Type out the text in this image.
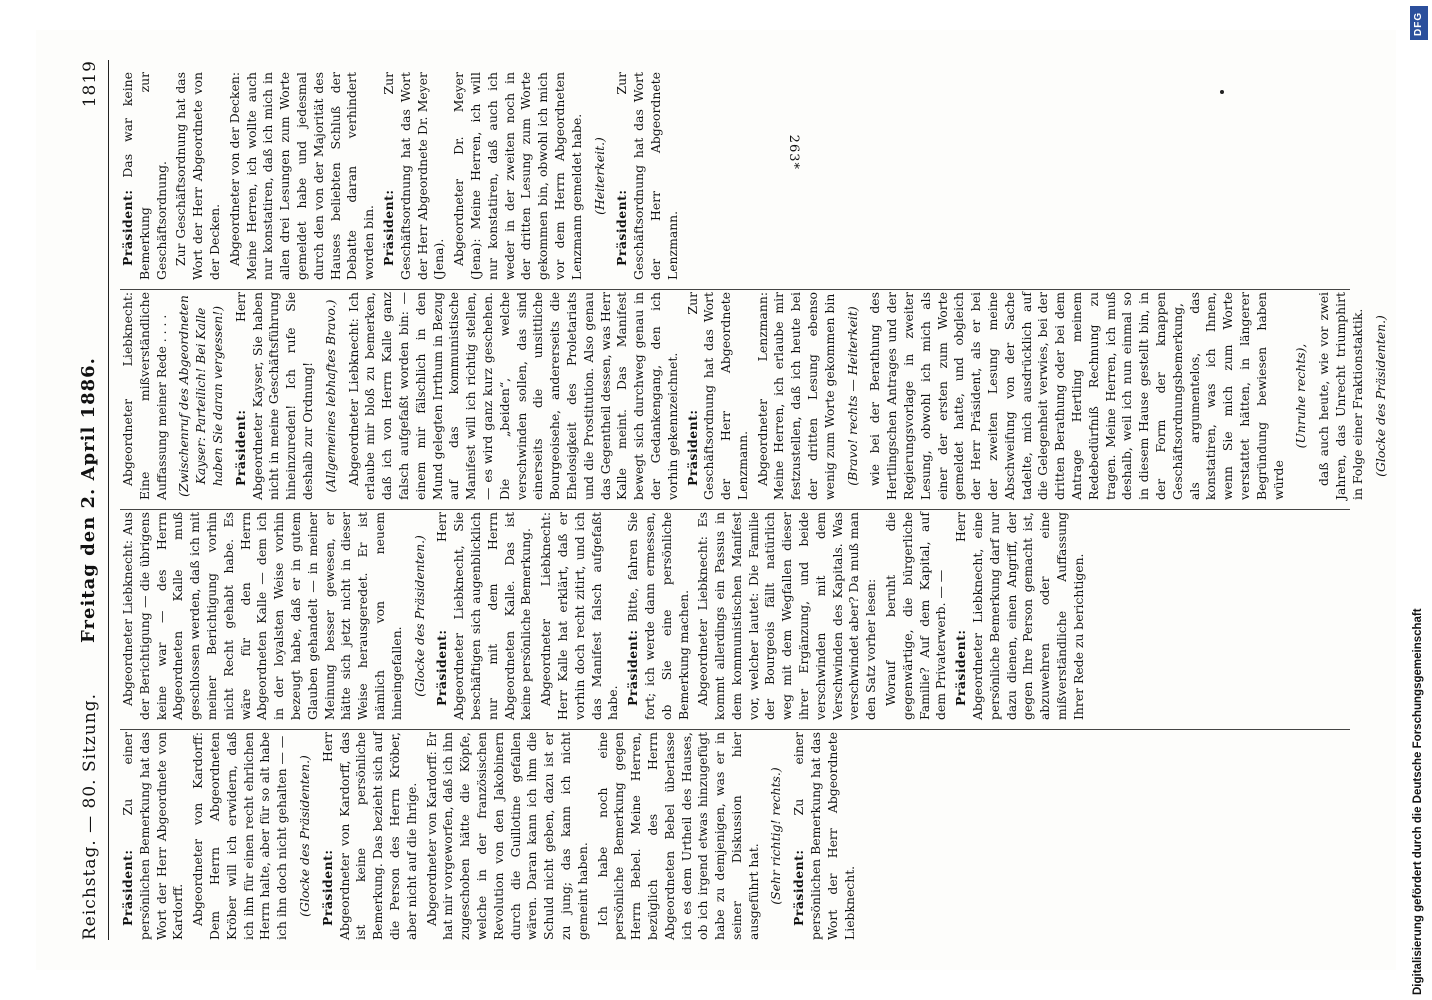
Reichstag. — 80. Sitzung.
Freitag den 2. April 1886.
1819
Präsident: Zu einer persönlichen Bemerkung hat das Wort der Herr Abgeordnete von Kardorff. Abgeordneter von Kardorff: Dem Herrn Abgeordneten Kröber will ich erwidern, daß ich ihn für einen recht ehrlichen Herrn halte, aber für so alt habe ich ihn doch nicht gehalten — — (Glocke des Präsidenten.) Präsident: Herr Abgeordneter von Kardorff, das ist keine persönliche Bemerkung. Das bezieht sich auf die Person des Herrn Kröber, aber nicht auf die Ihrige. Abgeordneter von Kardorff: Er hat mir vorgeworfen, daß ich ihn zugeschoben hätte die Köpfe, welche in der französischen Revolution von den Jakobinern durch die Guillotine gefallen wären. Daran kann ich ihm die Schuld nicht geben, dazu ist er zu jung; das kann ich nicht gemeint haben. Ich habe noch eine persönliche Bemerkung gegen Herrn Bebel. Meine Herren, bezüglich des Herrn Abgeordneten Bebel überlasse ich es dem Urtheil des Hauses, ob ich irgend etwas hinzugefügt habe zu demjenigen, was er in seiner Diskussion hier ausgeführt hat. (Sehr richtig! rechts.) Präsident: Zu einer persönlichen Bemerkung hat das Wort der Herr Abgeordnete Liebknecht.
Abgeordneter Liebknecht: Aus der Berichtigung — die übrigens keine war — des Herrn Abgeordneten Kalle muß geschlossen werden, daß ich mit meiner Berichtigung vorhin nicht Recht gehabt habe. Es wäre für den Herrn Abgeordneten Kalle — dem ich in der loyalsten Weise vorhin bezeugt habe, daß er in gutem Glauben gehandelt — in meiner Meinung besser gewesen, er hätte sich jetzt nicht in dieser Weise herausgeredet. Er ist nämlich von neuem hineingefallen. (Glocke des Präsidenten.) Präsident: Herr Abgeordneter Liebknecht, Sie beschäftigen sich augenblicklich nur mit dem Herrn Abgeordneten Kalle. Das ist keine persönliche Bemerkung. Abgeordneter Liebknecht: Herr Kalle hat erklärt, daß er vorhin doch recht zitirt, und ich das Manifest falsch aufgefaßt habe. Präsident: Bitte, fahren Sie fort; ich werde dann ermessen, ob Sie eine persönliche Bemerkung machen. Abgeordneter Liebknecht: Es kommt allerdings ein Passus in dem kommunistischen Manifest vor, welcher lautet: Die Familie der Bourgeois fällt natürlich weg mit dem Wegfallen dieser ihrer Ergänzung, und beide verschwinden mit dem Verschwinden des Kapitals. Was verschwindet aber? Da muß man den Satz vorher lesen: Worauf beruht die gegenwärtige, die bürgerliche Familie? Auf dem Kapital, auf dem Privaterwerb. — — Präsident: Herr Abgeordneter Liebknecht, eine persönliche Bemerkung darf nur dazu dienen, einen Angriff, der gegen Ihre Person gemacht ist, abzuwehren oder eine mißverständliche Auffassung Ihrer Rede zu berichtigen.
Abgeordneter Liebknecht: Eine mißverständliche Auffassung meiner Rede . . . . (Zwischenruf des Abgeordneten Kayser: Parteilich! Bei Kalle haben Sie daran vergessen!) Präsident: Herr Abgeordneter Kayser, Sie haben nicht in meine Geschäftsführung hineinzureden! Ich rufe Sie deshalb zur Ordnung! (Allgemeines lebhaftes Bravo.) Abgeordneter Liebknecht: Ich erlaube mir bloß zu bemerken, daß ich von Herrn Kalle ganz falsch aufgefaßt worden bin: — einem mir fälschlich in den Mund gelegten Irrthum in Bezug auf das kommunistische Manifest will ich richtig stellen, — es wird ganz kurz geschehen. Die „beiden“, welche verschwinden sollen, das sind einerseits die unsittliche Bourgeoisehe, andererseits die Ehelosigkeit des Proletariats und die Prostitution. Also genau das Gegentheil dessen, was Herr Kalle meint. Das Manifest bewegt sich durchweg genau in der Gedankengang, den ich vorhin gekennzeichnet. Präsident: Zur Geschäftsordnung hat das Wort der Herr Abgeordnete Lenzmann. Abgeordneter Lenzmann: Meine Herren, ich erlaube mir festzustellen, daß ich heute bei der dritten Lesung ebenso wenig zum Worte gekommen bin (Bravo! rechts — Heiterkeit) wie bei der Berathung des Hertlingschen Antrages und der Regierungsvorlage in zweiter Lesung, obwohl ich mich als einer der ersten zum Worte gemeldet hatte, und obgleich der Herr Präsident, als er bei der zweiten Lesung meine Abschweifung von der Sache tadelte, mich ausdrücklich auf die Gelegenheit verwies, bei der dritten Berathung oder bei dem Antrage Hertling meinem Redebedürfniß Rechnung zu tragen. Meine Herren, ich muß deshalb, weil ich nun einmal so in diesem Hause gestellt bin, in der Form der knappen Geschäftsordnungsbemerkung, als argumentelos, das konstatiren, was ich Ihnen, wenn Sie mich zum Worte verstattet hätten, in längerer Begründung bewiesen haben würde
(Unruhe rechts), daß auch heute, wie vor zwei Jahren, das Unrecht triumphirt in Folge einer Fraktionstaktik. (Glocke des Präsidenten.)
Präsident: Das war keine Bemerkung zur Geschäftsordnung. Zur Geschäftsordnung hat das Wort der Herr Abgeordnete von der Decken. Abgeordneter von der Decken: Meine Herren, ich wollte auch nur konstatiren, daß ich mich in allen drei Lesungen zum Worte gemeldet habe und jedesmal durch den von der Majorität des Hauses beliebten Schluß der Debatte daran verhindert worden bin. Präsident: Zur Geschäftsordnung hat das Wort der Herr Abgeordnete Dr. Meyer (Jena). Abgeordneter Dr. Meyer (Jena): Meine Herren, ich will nur konstatiren, daß auch ich weder in der zweiten noch in der dritten Lesung zum Worte gekommen bin, obwohl ich mich vor dem Herrn Abgeordneten Lenzmann gemeldet habe. (Heiterkeit.)
Präsident: Zur Geschäftsordnung hat das Wort der Herr Abgeordnete Lenzmann.
263*
DFG
Digitalisierung gefördert durch die Deutsche Forschungsgemeinschaft
